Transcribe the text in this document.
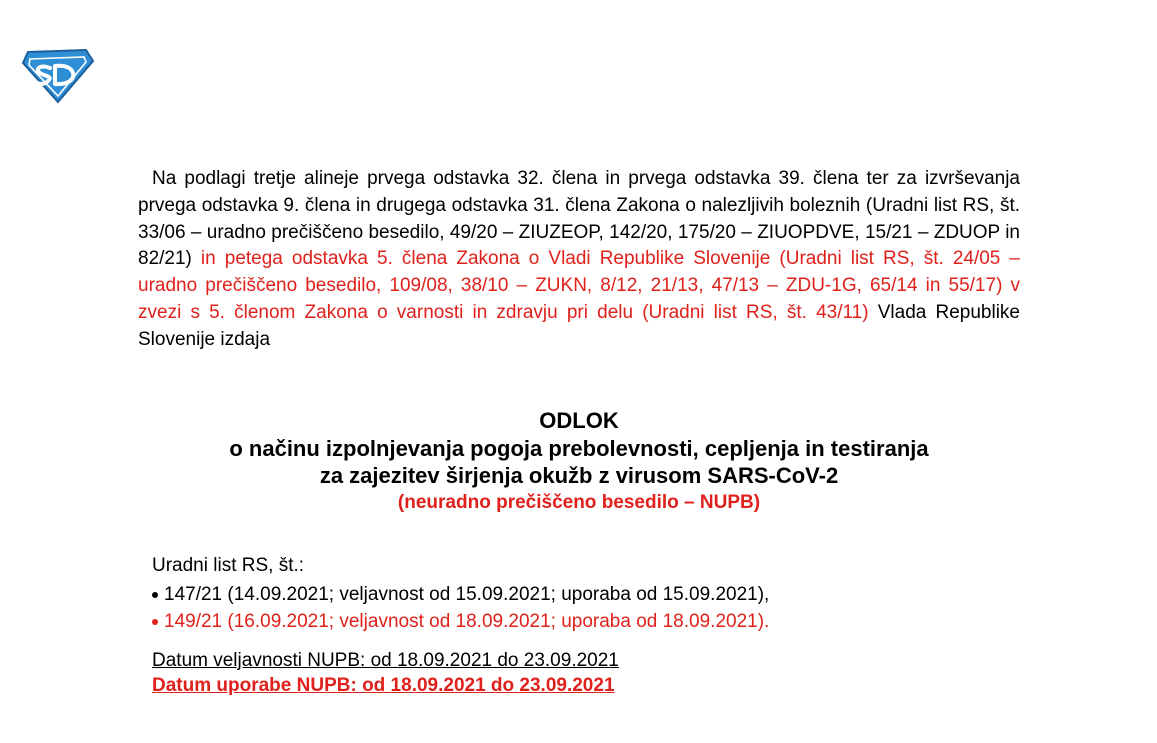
Na podlagi tretje alineje prvega odstavka 32. člena in prvega odstavka 39. člena ter za izvrševanja prvega odstavka 9. člena in drugega odstavka 31. člena Zakona o nalezljivih boleznih (Uradni list RS, št. 33/06 – uradno prečiščeno besedilo, 49/20 – ZIUZEOP, 142/20, 175/20 – ZIUOPDVE, 15/21 – ZDUOP in 82/21) in petega odstavka 5. člena Zakona o Vladi Republike Slovenije (Uradni list RS, št. 24/05 – uradno prečiščeno besedilo, 109/08, 38/10 – ZUKN, 8/12, 21/13, 47/13 – ZDU-1G, 65/14 in 55/17) v zvezi s 5. členom Zakona o varnosti in zdravju pri delu (Uradni list RS, št. 43/11) Vlada Republike Slovenije izdaja
ODLOK
o načinu izpolnjevanja pogoja prebolevnosti, cepljenja in testiranja
za zajezitev širjenja okužb z virusom SARS-CoV-2
(neuradno prečiščeno besedilo – NUPB)
Uradni list RS, št.:
147/21 (14.09.2021; veljavnost od 15.09.2021; uporaba od 15.09.2021),
149/21 (16.09.2021; veljavnost od 18.09.2021; uporaba od 18.09.2021).
Datum veljavnosti NUPB: od 18.09.2021 do 23.09.2021
Datum uporabe NUPB: od 18.09.2021 do 23.09.2021
